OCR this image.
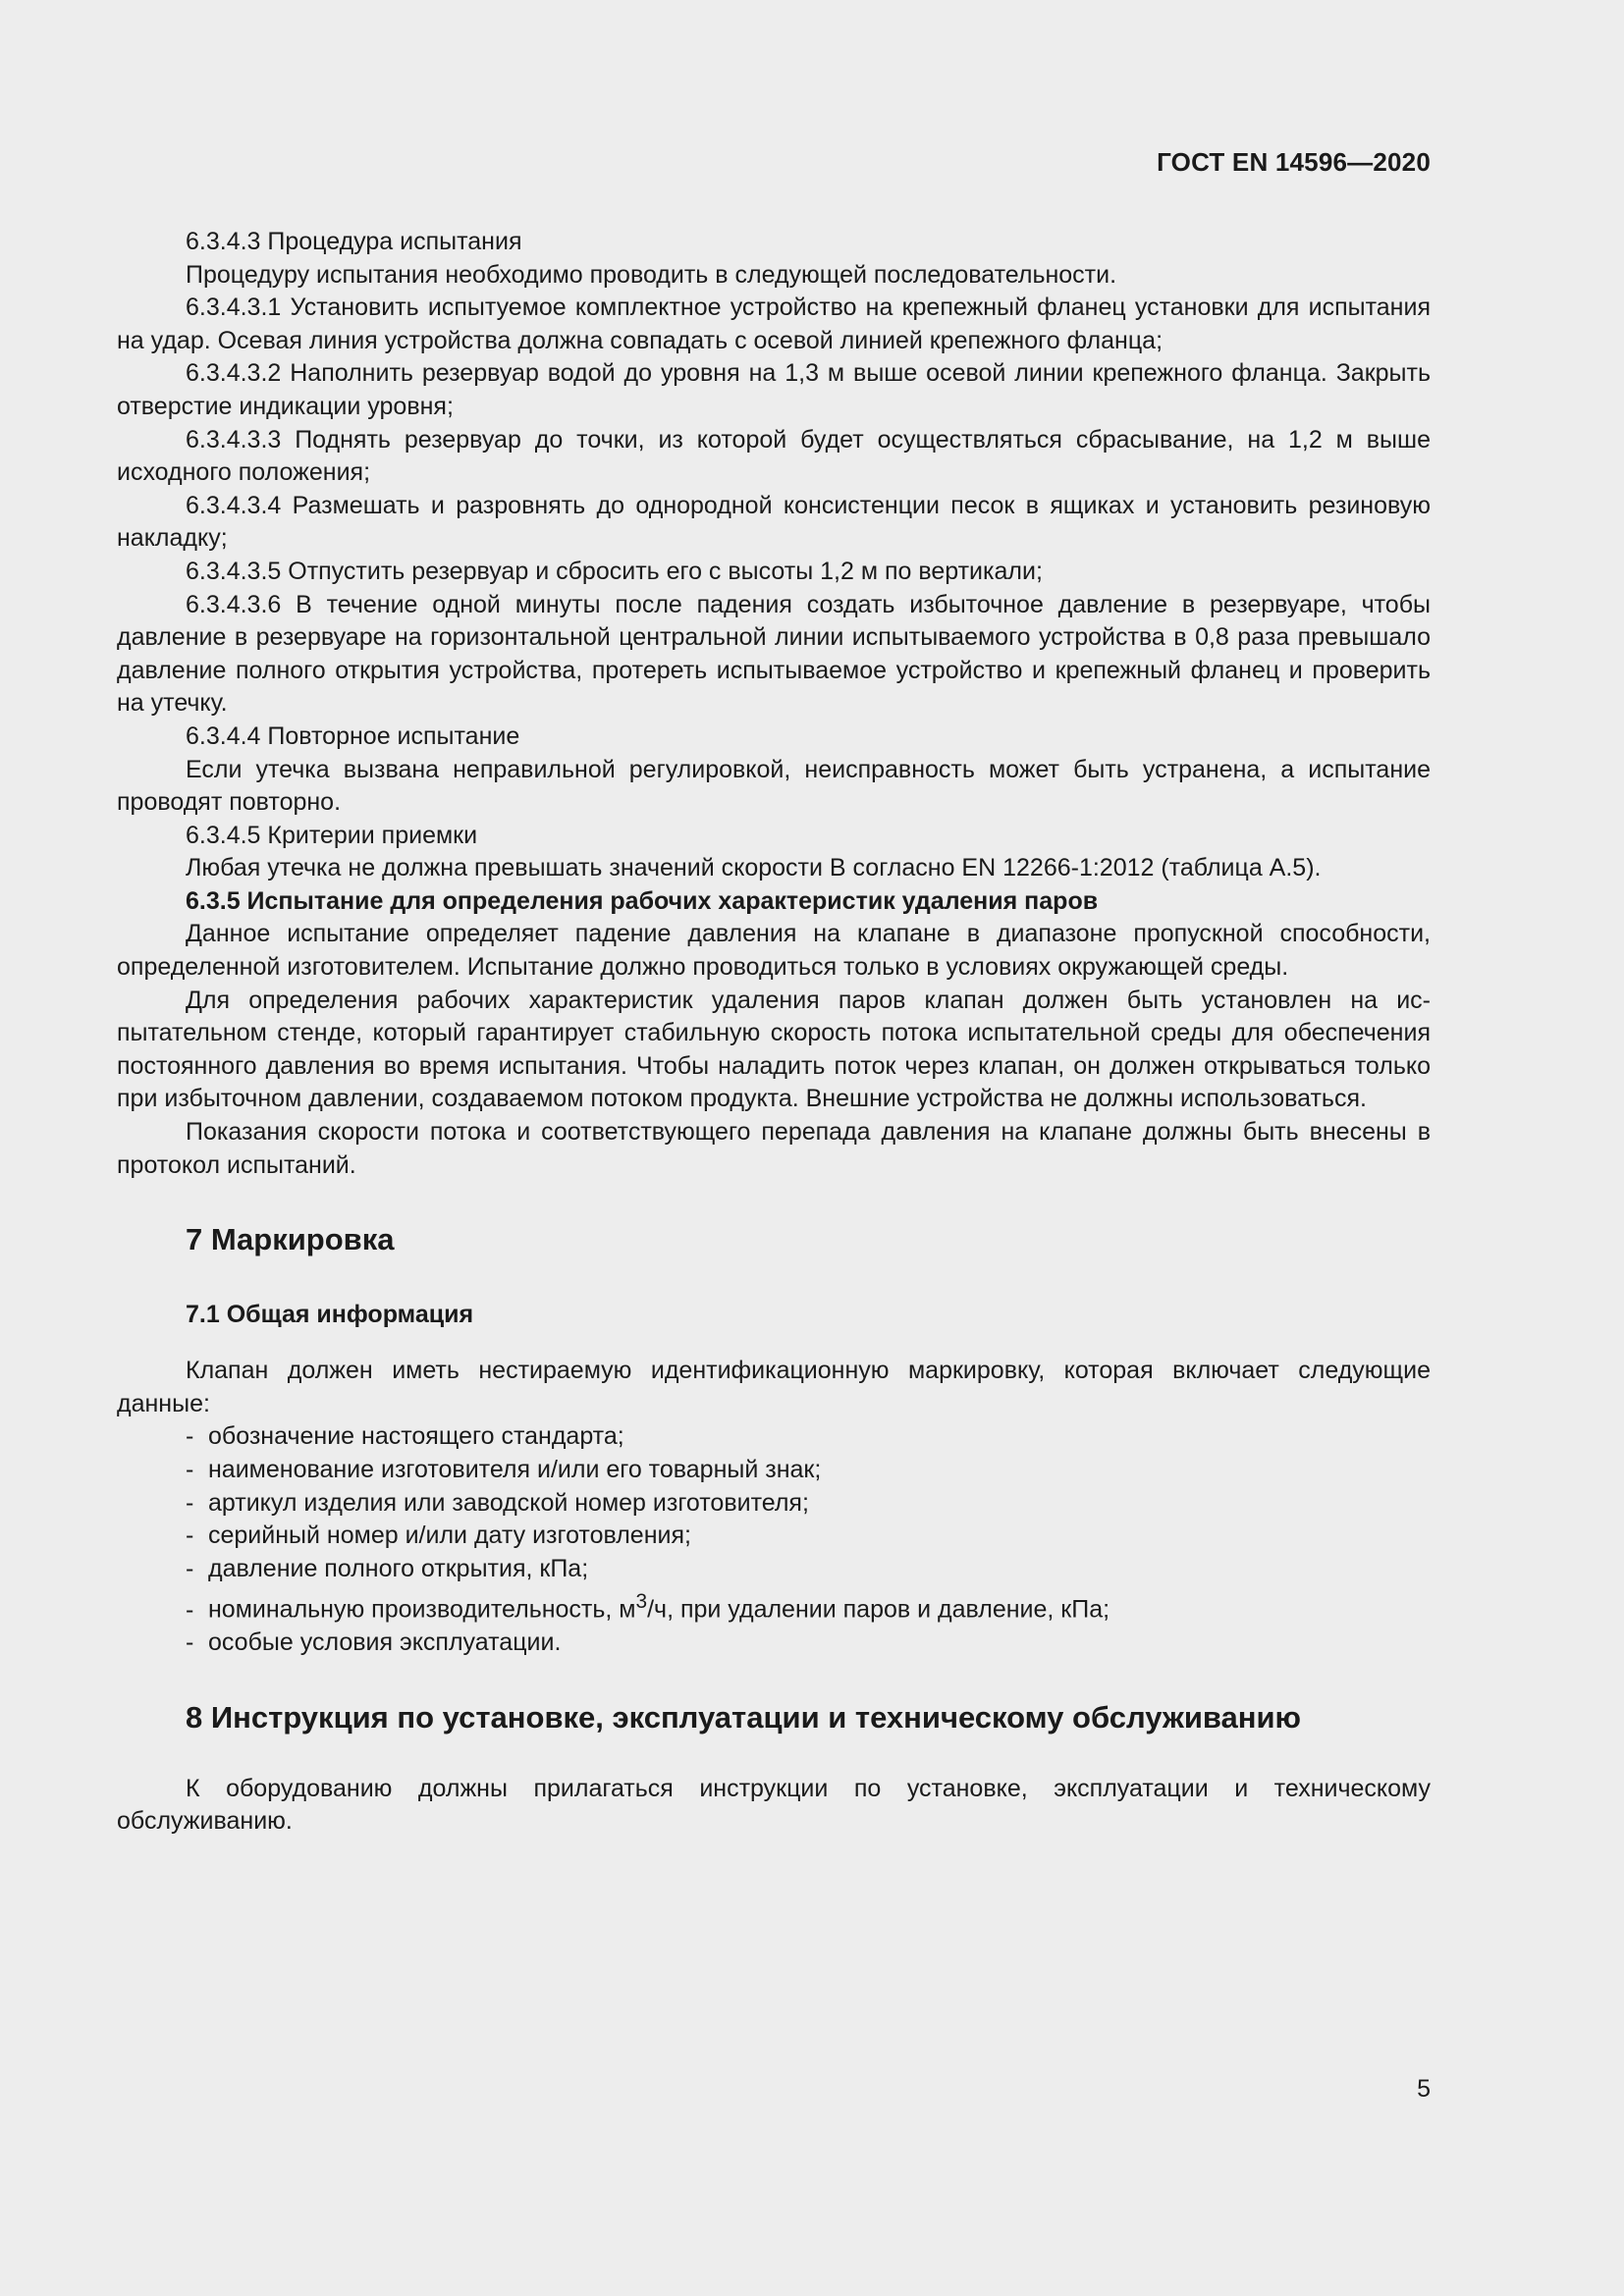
ГОСТ EN 14596—2020

6.3.4.3 Процедура испытания

Процедуру испытания необходимо проводить в следующей последовательности.

6.3.4.3.1 Установить испытуемое комплектное устройство на крепежный фланец установки для испытания на удар. Осевая линия устройства должна совпадать с осевой линией крепежного фланца;

6.3.4.3.2 Наполнить резервуар водой до уровня на 1,3 м выше осевой линии крепежного фланца. Закрыть отверстие индикации уровня;

6.3.4.3.3 Поднять резервуар до точки, из которой будет осуществляться сбрасывание, на 1,2 м выше исходного положения;

6.3.4.3.4 Размешать и разровнять до однородной консистенции песок в ящиках и установить резиновую накладку;

6.3.4.3.5 Отпустить резервуар и сбросить его с высоты 1,2 м по вертикали;

6.3.4.3.6 В течение одной минуты после падения создать избыточное давление в резервуаре, чтобы давление в резервуаре на горизонтальной центральной линии испытываемого устройства в 0,8 раза превышало давление полного открытия устройства, протереть испытываемое устройство и крепежный фланец и проверить на утечку.

6.3.4.4 Повторное испытание

Если утечка вызвана неправильной регулировкой, неисправность может быть устранена, а испытание проводят повторно.

6.3.4.5 Критерии приемки

Любая утечка не должна превышать значений скорости B согласно EN 12266-1:2012 (таблица А.5).

6.3.5 Испытание для определения рабочих характеристик удаления паров

Данное испытание определяет падение давления на клапане в диапазоне пропускной способности, определенной изготовителем. Испытание должно проводиться только в условиях окружающей среды.

Для определения рабочих характеристик удаления паров клапан должен быть установлен на испытательном стенде, который гарантирует стабильную скорость потока испытательной среды для обеспечения постоянного давления во время испытания. Чтобы наладить поток через клапан, он должен открываться только при избыточном давлении, создаваемом потоком продукта. Внешние устройства не должны использоваться.

Показания скорости потока и соответствующего перепада давления на клапане должны быть внесены в протокол испытаний.

7 Маркировка
7.1 Общая информация

Клапан должен иметь нестираемую идентификационную маркировку, которая включает следующие данные:

- обозначение настоящего стандарта;
- наименование изготовителя и/или его товарный знак;
- артикул изделия или заводской номер изготовителя;
- серийный номер и/или дату изготовления;
- давление полного открытия, кПа;
- номинальную производительность, $м^3/ч$, при удалении паров и давление, кПа;
- особые условия эксплуатации.
8 Инструкция по установке, эксплуатации и техническому обслуживанию

К оборудованию должны прилагаться инструкции по установке, эксплуатации и техническому обслуживанию.

5
